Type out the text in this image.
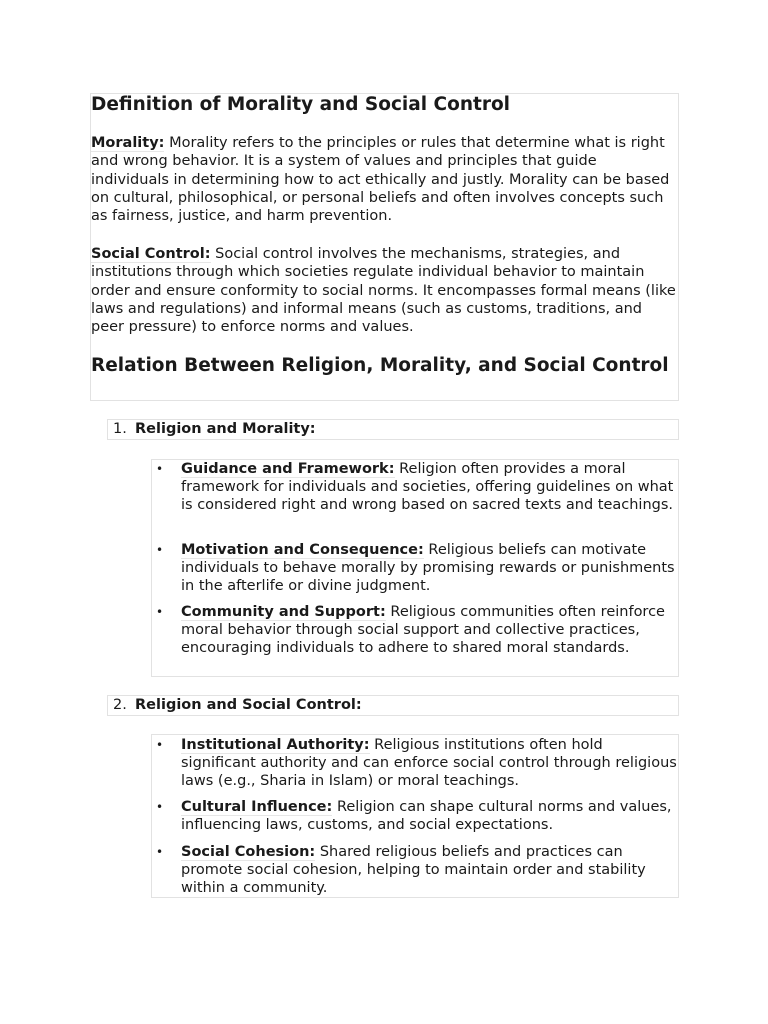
Definition of Morality and Social Control

Morality: Morality refers to the principles or rules that determine what is right and wrong behavior. It is a system of values and principles that guide individuals in determining how to act ethically and justly. Morality can be based on cultural, philosophical, or personal beliefs and often involves concepts such as fairness, justice, and harm prevention.

Social Control: Social control involves the mechanisms, strategies, and institutions through which societies regulate individual behavior to maintain order and ensure conformity to social norms. It encompasses formal means (like laws and regulations) and informal means (such as customs, traditions, and peer pressure) to enforce norms and values.

Relation Between Religion, Morality, and Social Control
1. Religion and Morality:
• Guidance and Framework: Religion often provides a moral framework for individuals and societies, offering guidelines on what is considered right and wrong based on sacred texts and teachings.

• Motivation and Consequence: Religious beliefs can motivate individuals to behave morally by promising rewards or punishments in the afterlife or divine judgment.

• Community and Support: Religious communities often reinforce moral behavior through social support and collective practices, encouraging individuals to adhere to shared moral standards.

2. Religion and Social Control:
• Institutional Authority: Religious institutions often hold significant authority and can enforce social control through religious laws (e.g., Sharia in Islam) or moral teachings.

• Cultural Influence: Religion can shape cultural norms and values, influencing laws, customs, and social expectations.

• Social Cohesion: Shared religious beliefs and practices can promote social cohesion, helping to maintain order and stability within a community.
